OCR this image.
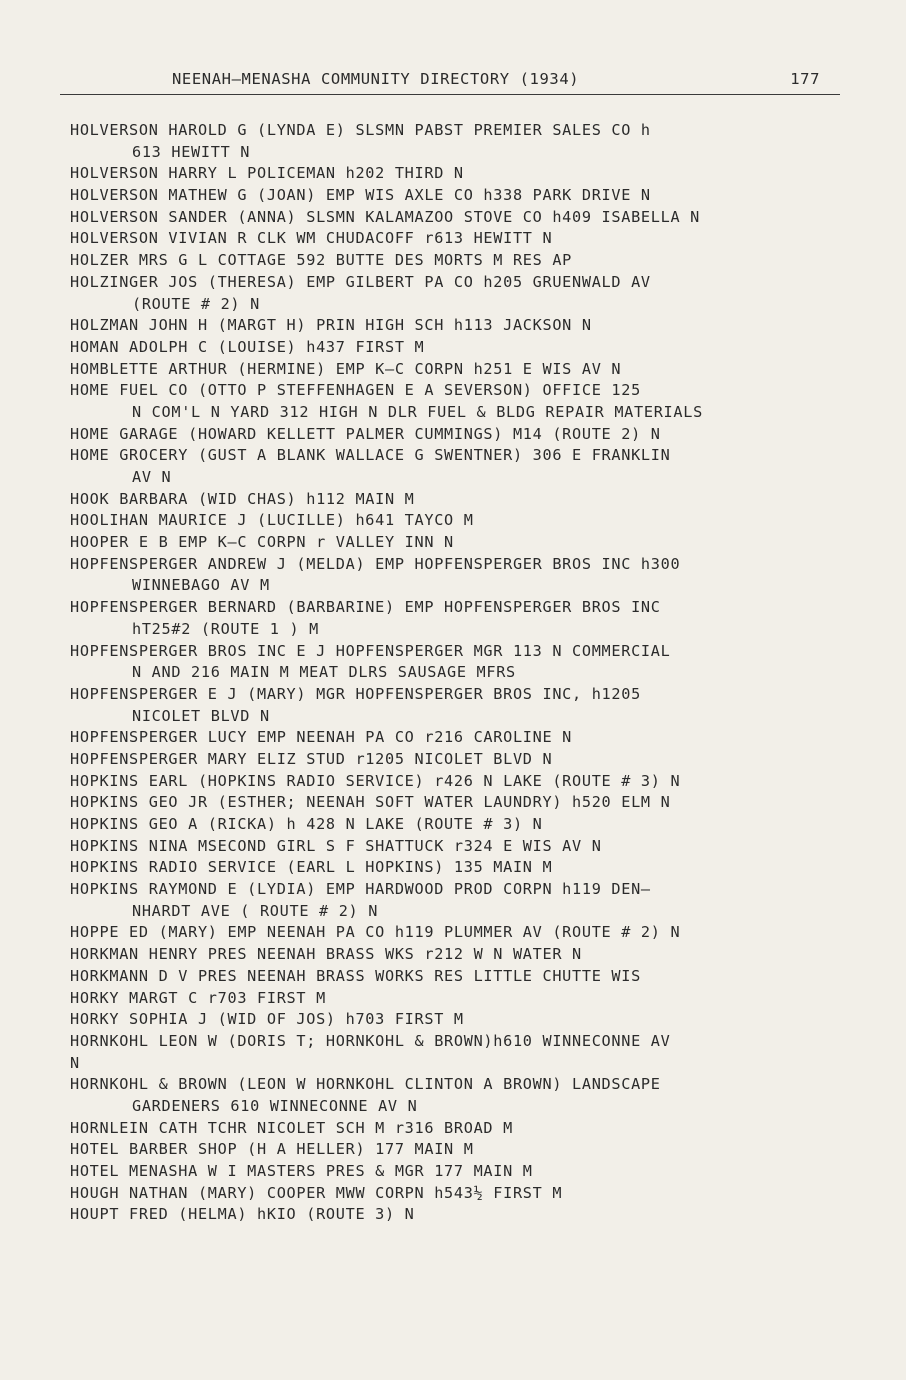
NEENAH—MENASHA COMMUNITY DIRECTORY (1934)	177
HOLVERSON HAROLD G (LYNDA E) SLSMN PABST PREMIER SALES CO h
613 HEWITT N
HOLVERSON HARRY L POLICEMAN h202 THIRD N
HOLVERSON MATHEW G (JOAN) EMP WIS AXLE CO h338 PARK DRIVE N
HOLVERSON SANDER (ANNA) SLSMN KALAMAZOO STOVE CO h409 ISABELLA N
HOLVERSON VIVIAN R CLK WM CHUDACOFF r613 HEWITT N
HOLZER MRS G L COTTAGE 592 BUTTE DES MORTS M RES AP
HOLZINGER JOS (THERESA) EMP GILBERT PA CO h205 GRUENWALD AV
(ROUTE # 2) N
HOLZMAN JOHN H (MARGT H) PRIN HIGH SCH h113 JACKSON N
HOMAN ADOLPH C (LOUISE) h437 FIRST M
HOMBLETTE ARTHUR (HERMINE) EMP K—C CORPN h251 E WIS AV N
HOME FUEL CO (OTTO P STEFFENHAGEN E A SEVERSON) OFFICE 125
N COM'L N YARD 312 HIGH N DLR FUEL & BLDG REPAIR MATERIALS
HOME GARAGE (HOWARD KELLETT PALMER CUMMINGS) M14 (ROUTE 2) N
HOME GROCERY (GUST A BLANK WALLACE G SWENTNER) 306 E FRANKLIN
AV N
HOOK BARBARA (WID CHAS) h112 MAIN M
HOOLIHAN MAURICE J (LUCILLE) h641 TAYCO M
HOOPER E B EMP K—C CORPN r VALLEY INN N
HOPFENSPERGER ANDREW J (MELDA) EMP HOPFENSPERGER BROS INC h300
WINNEBAGO AV M
HOPFENSPERGER BERNARD (BARBARINE) EMP HOPFENSPERGER BROS INC
hT25#2 (ROUTE 1 ) M
HOPFENSPERGER BROS INC E J HOPFENSPERGER MGR 113 N COMMERCIAL
N AND 216 MAIN M MEAT DLRS SAUSAGE MFRS
HOPFENSPERGER E J (MARY) MGR HOPFENSPERGER BROS INC, h1205
NICOLET BLVD N
HOPFENSPERGER LUCY EMP NEENAH PA CO r216 CAROLINE N
HOPFENSPERGER MARY ELIZ STUD r1205 NICOLET BLVD N
HOPKINS EARL (HOPKINS RADIO SERVICE) r426 N LAKE (ROUTE # 3) N
HOPKINS GEO JR (ESTHER; NEENAH SOFT WATER LAUNDRY) h520 ELM N
HOPKINS GEO A (RICKA) h 428 N LAKE (ROUTE # 3) N
HOPKINS NINA MSECOND GIRL S F SHATTUCK r324 E WIS AV N
HOPKINS RADIO SERVICE (EARL L HOPKINS) 135 MAIN M
HOPKINS RAYMOND E (LYDIA) EMP HARDWOOD PROD CORPN h119 DEN—
NHARDT AVE ( ROUTE # 2) N
HOPPE ED (MARY) EMP NEENAH PA CO h119 PLUMMER AV (ROUTE # 2) N
HORKMAN HENRY PRES NEENAH BRASS WKS r212 W N WATER N
HORKMANN D V PRES NEENAH BRASS WORKS RES LITTLE CHUTTE WIS
HORKY MARGT C r703 FIRST M
HORKY SOPHIA J (WID OF JOS) h703 FIRST M
HORNKOHL LEON W (DORIS T; HORNKOHL & BROWN)h610 WINNECONNE AV
N
HORNKOHL & BROWN (LEON W HORNKOHL CLINTON A BROWN) LANDSCAPE
GARDENERS 610 WINNECONNE AV N
HORNLEIN CATH TCHR NICOLET SCH M r316 BROAD M
HOTEL BARBER SHOP (H A HELLER) 177 MAIN M
HOTEL MENASHA W I MASTERS PRES & MGR 177 MAIN M
HOUGH NATHAN (MARY) COOPER MWW CORPN h543½ FIRST M
HOUPT FRED (HELMA) hKIO (ROUTE 3) N
